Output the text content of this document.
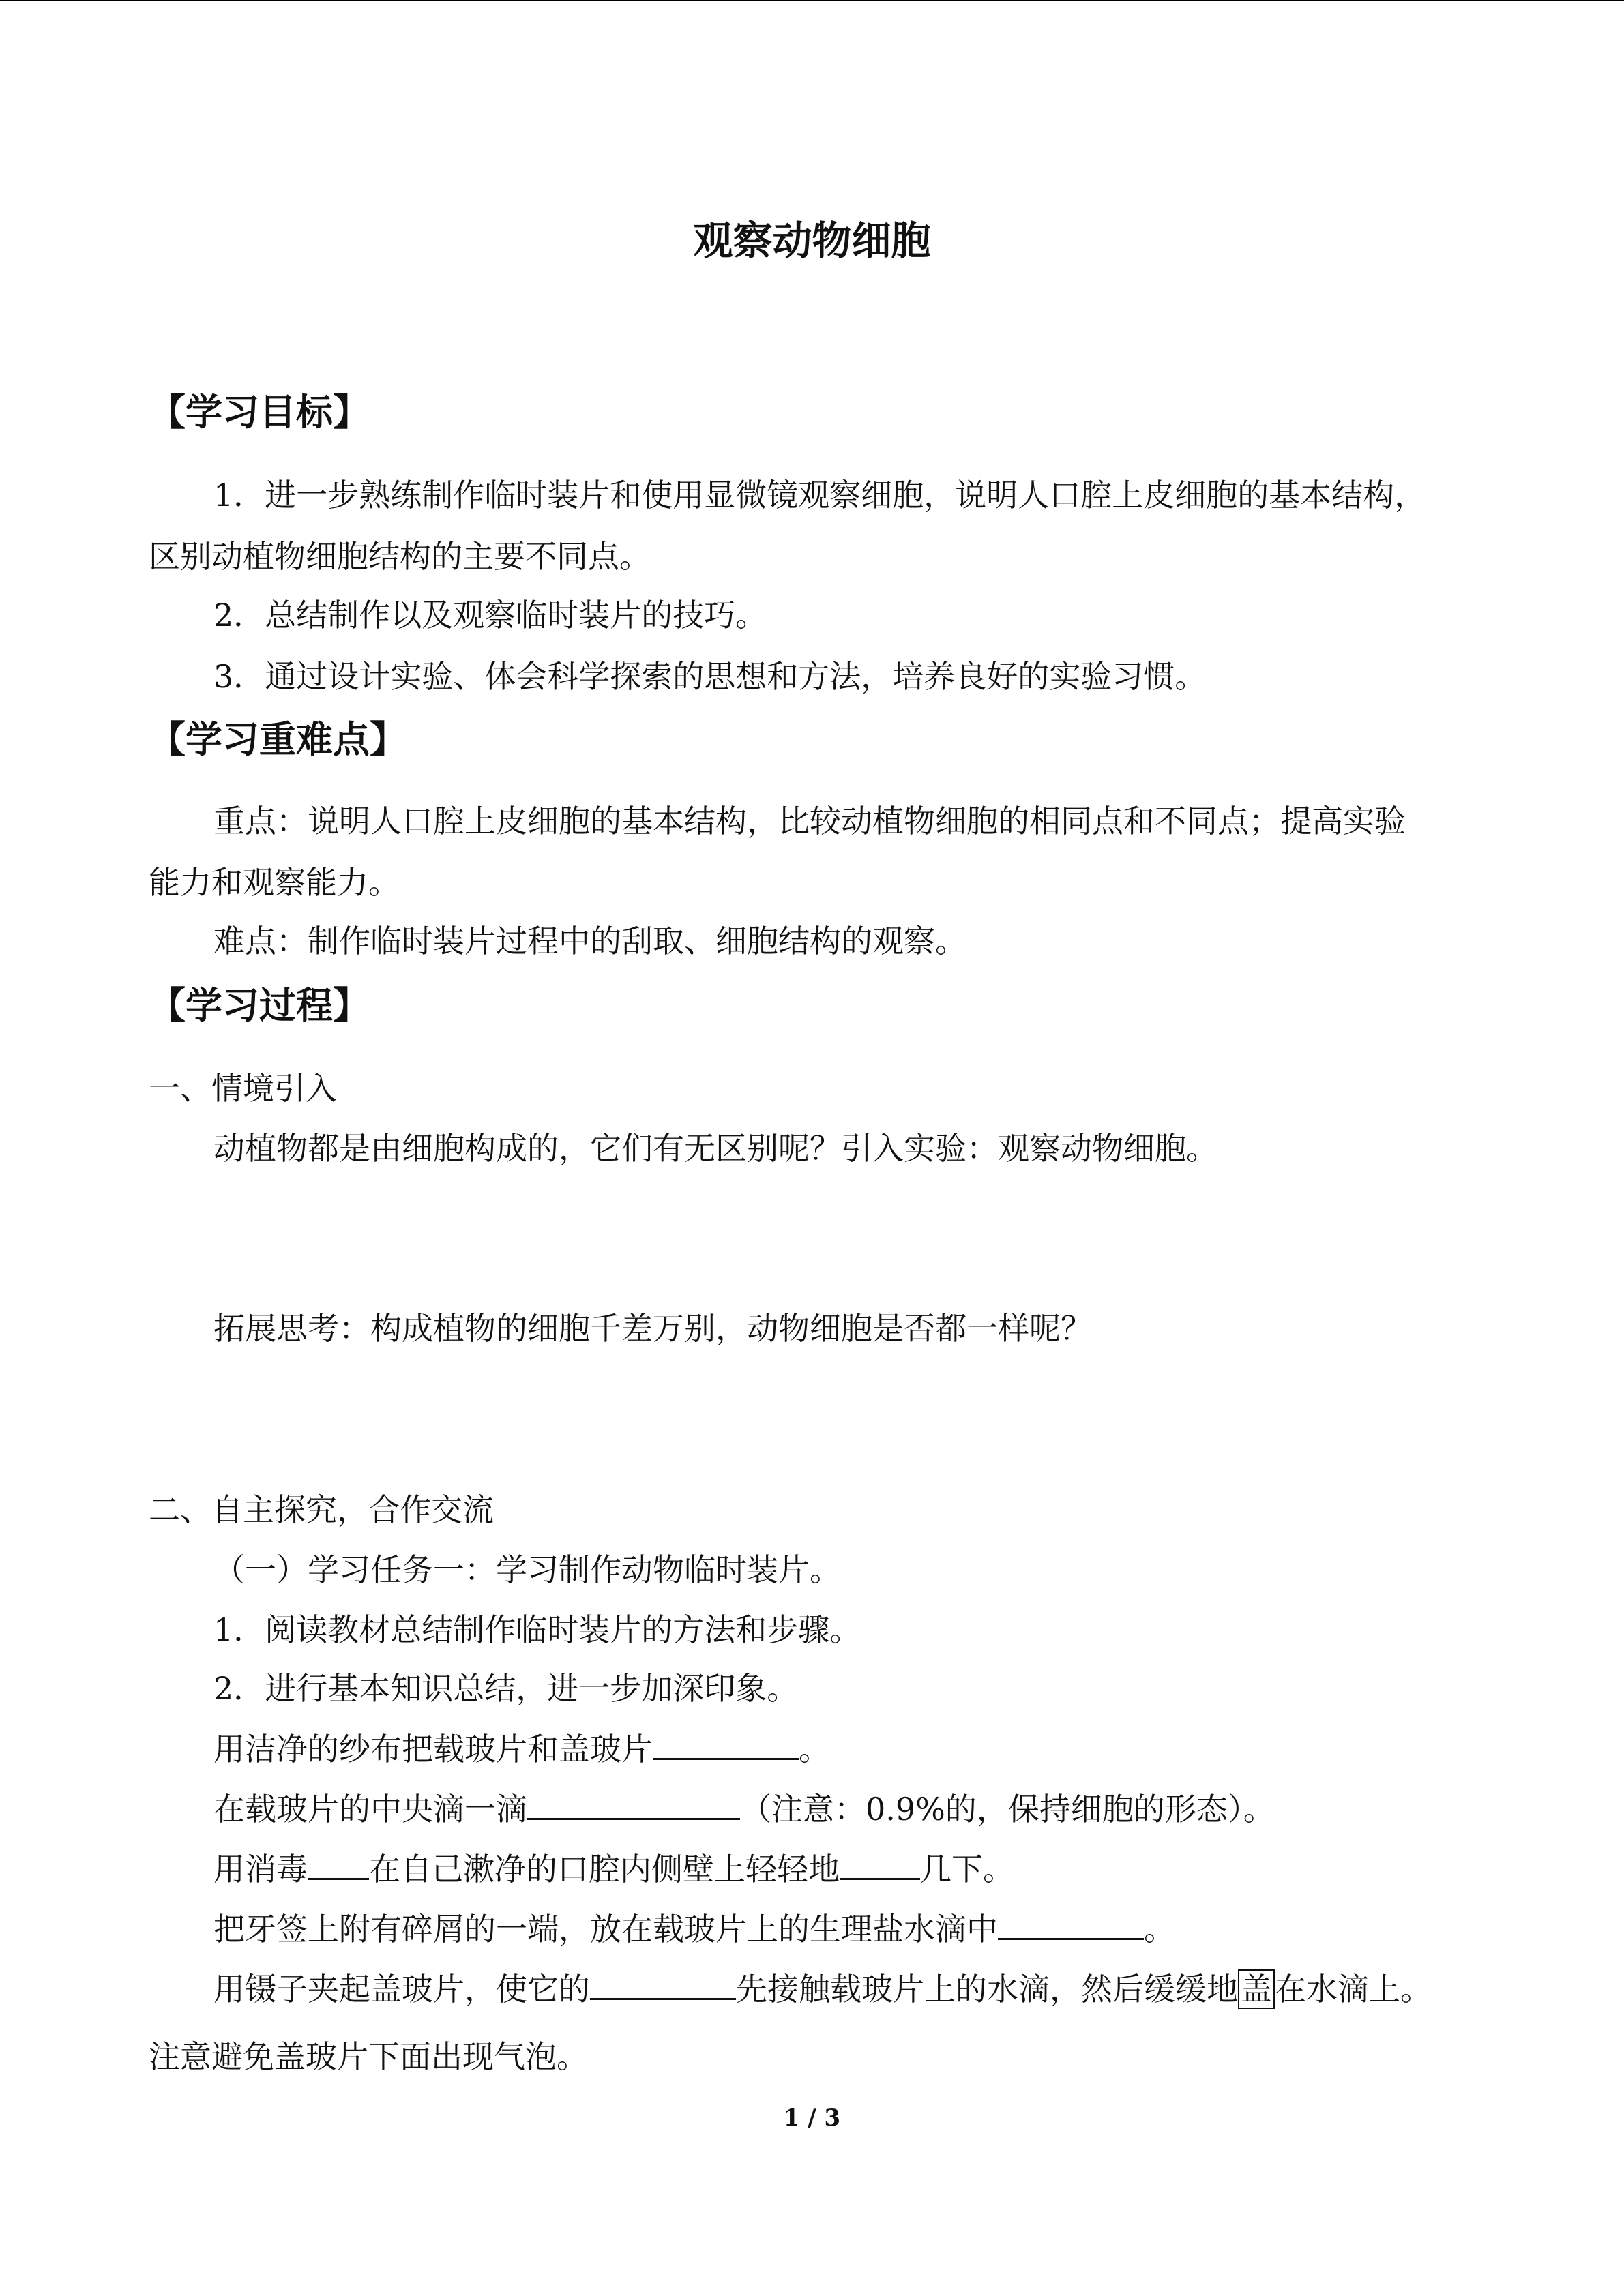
观察动物细胞
【学习目标】
1．进一步熟练制作临时装片和使用显微镜观察细胞，说明人口腔上皮细胞的基本结构，
区别动植物细胞结构的主要不同点。
2．总结制作以及观察临时装片的技巧。
3．通过设计实验、体会科学探索的思想和方法，培养良好的实验习惯。
【学习重难点】
重点：说明人口腔上皮细胞的基本结构，比较动植物细胞的相同点和不同点；提高实验
能力和观察能力。
难点：制作临时装片过程中的刮取、细胞结构的观察。
【学习过程】
一、情境引入
动植物都是由细胞构成的，它们有无区别呢？引入实验：观察动物细胞。
拓展思考：构成植物的细胞千差万别，动物细胞是否都一样呢？
二、自主探究，合作交流
（一）学习任务一：学习制作动物临时装片。
1．阅读教材总结制作临时装片的方法和步骤。
2．进行基本知识总结，进一步加深印象。
用洁净的纱布把载玻片和盖玻片	。
在载玻片的中央滴一滴	（注意：0.9%的，保持细胞的形态）。
用消毒 在自己漱净的口腔内侧壁上轻轻地	几下。
把牙签上附有碎屑的一端，放在载玻片上的生理盐水滴中	。
用镊子夹起盖玻片，使它的	先接触载玻片上的水滴，然后缓缓地盖在水滴上。
注意避免盖玻片下面出现气泡。
1 / 3
